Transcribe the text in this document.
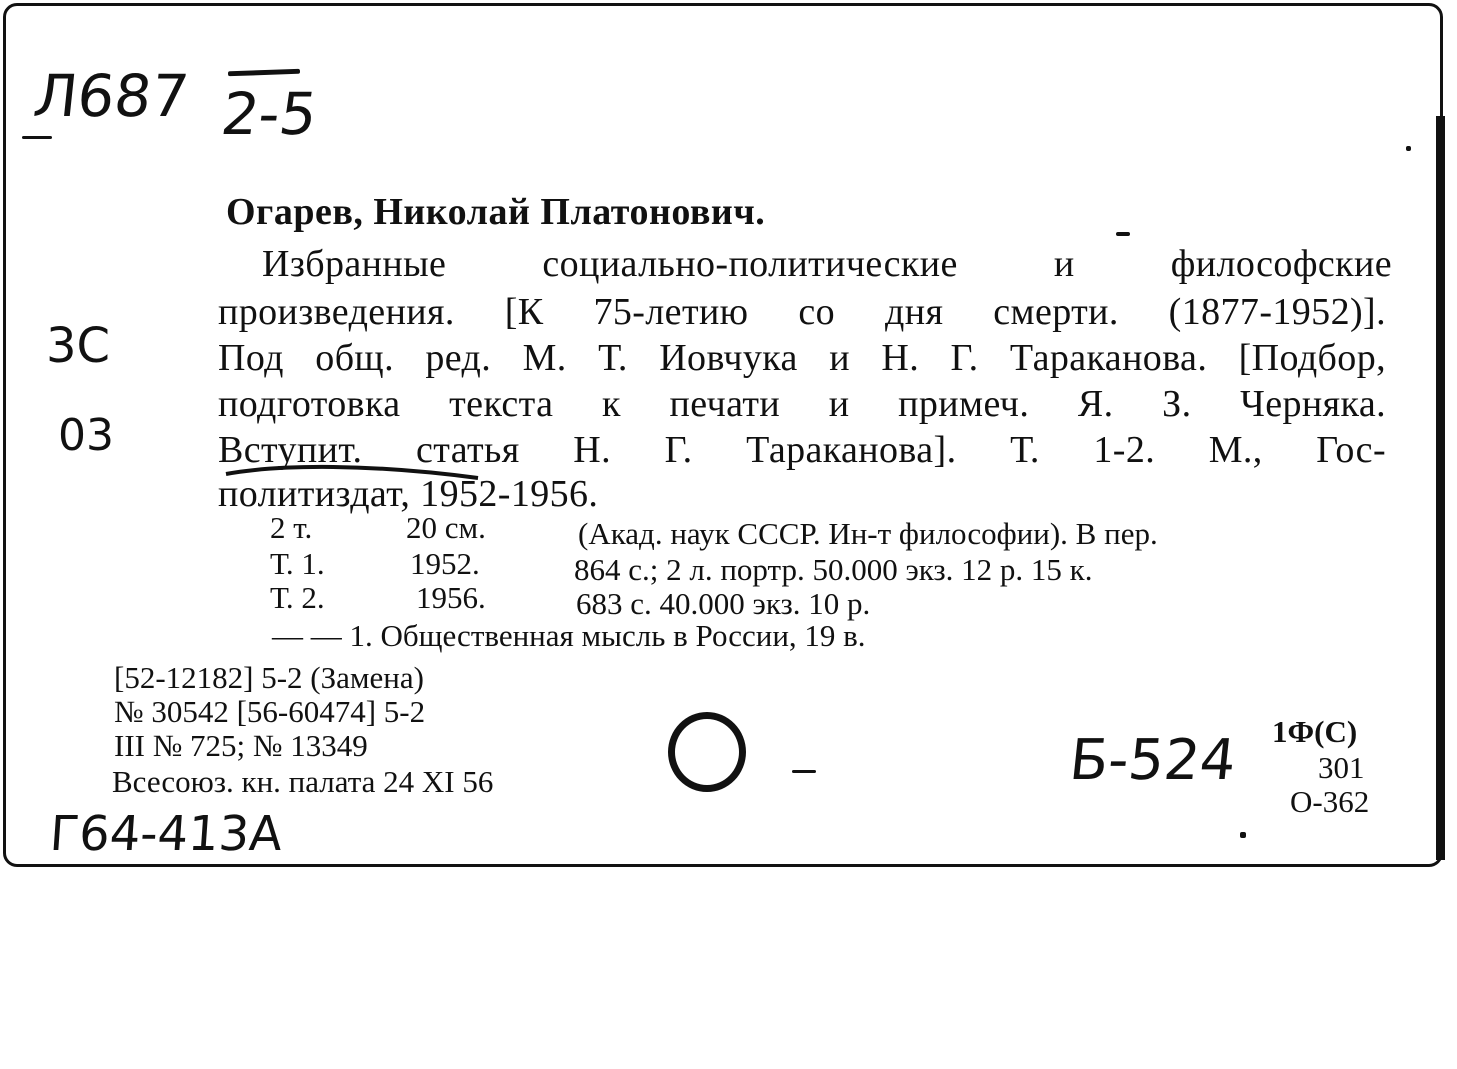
Л687 2-5
3С
03
Г64-413А
Б-524
Огарев, Николай Платонович.
Избранные социально-политические и философские
произведения. [К 75-летию со дня смерти. (1877-1952)].
Под общ. ред. М. Т. Иовчука и Н. Г. Тараканова. [Подбор,
подготовка текста к печати и примеч. Я. З. Черняка.
Вступит. статья Н. Г. Тараканова]. Т. 1-2. М., Гос-
политиздат, 1952-1956.
2 т.	20 см.	(Акад. наук СССР. Ин-т философии). В пер.
Т. 1.	1952.	864 с.; 2 л. портр. 50.000 экз. 12 р. 15 к.
Т. 2.	1956.	683 с. 40.000 экз. 10 р.
— — 1. Общественная мысль в России, 19 в.
[52-12182] 5-2 (Замена)
№ 30542 [56-60474] 5-2
III № 725; № 13349
Всесоюз. кн. палата 24 XI 56
1Ф(С)
301
О-362
